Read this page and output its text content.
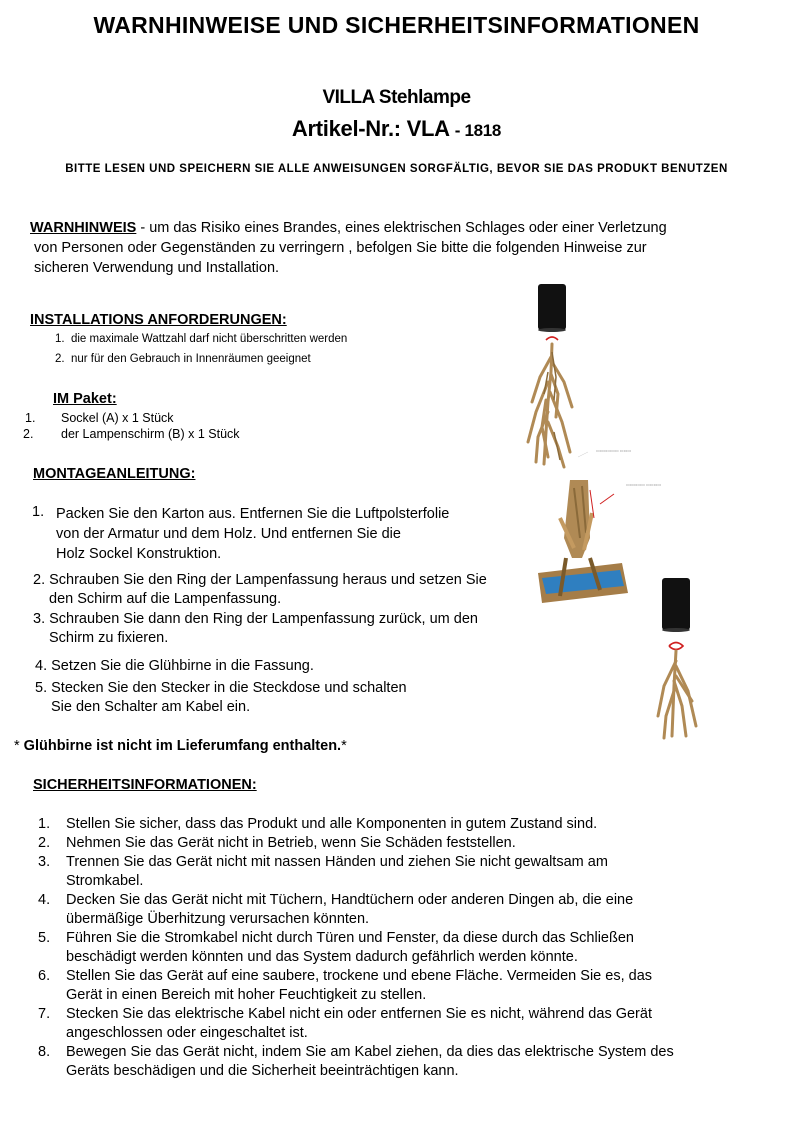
WARNHINWEISE UND SICHERHEITSINFORMATIONEN
VILLA Stehlampe
Artikel-Nr.: VLA - 1818
BITTE LESEN UND SPEICHERN SIE ALLE ANWEISUNGEN SORGFÄLTIG, BEVOR SIE DAS PRODUKT BENUTZEN
WARNHINWEIS - um das Risiko eines Brandes, eines elektrischen Schlages oder einer Verletzung
von Personen oder Gegenständen zu verringern , befolgen Sie bitte die folgenden Hinweise zur
sicheren Verwendung und Installation.
INSTALLATIONS ANFORDERUNGEN:
1. die maximale Wattzahl darf nicht überschritten werden
2. nur für den Gebrauch in Innenräumen geeignet
IM Paket:
1. Sockel (A) x 1 Stück
2. der Lampenschirm (B) x 1 Stück
MONTAGEANLEITUNG:
1. Packen Sie den Karton aus. Entfernen Sie die Luftpolsterfolie
von der Armatur und dem Holz. Und entfernen Sie die
Holz Sockel Konstruktion.
2. Schrauben Sie den Ring der Lampenfassung heraus und setzen Sie
den Schirm auf die Lampenfassung.
3. Schrauben Sie dann den Ring der Lampenfassung zurück, um den
Schirm zu fixieren.
4. Setzen Sie die Glühbirne in die Fassung.
5. Stecken Sie den Stecker in die Steckdose und schalten
Sie den Schalter am Kabel ein.
* Glühbirne ist nicht im Lieferumfang enthalten.*
SICHERHEITSINFORMATIONEN:
1. Stellen Sie sicher, dass das Produkt und alle Komponenten in gutem Zustand sind.
2. Nehmen Sie das Gerät nicht in Betrieb, wenn Sie Schäden feststellen.
3. Trennen Sie das Gerät nicht mit nassen Händen und ziehen Sie nicht gewaltsam am
Stromkabel.
4. Decken Sie das Gerät nicht mit Tüchern, Handtüchern oder anderen Dingen ab, die eine
übermäßige Überhitzung verursachen könnten.
5. Führen Sie die Stromkabel nicht durch Türen und Fenster, da diese durch das Schließen
beschädigt werden könnten und das System dadurch gefährlich werden könnte.
6. Stellen Sie das Gerät auf eine saubere, trockene und ebene Fläche. Vermeiden Sie es, das
Gerät in einen Bereich mit hoher Feuchtigkeit zu stellen.
7. Stecken Sie das elektrische Kabel nicht ein oder entfernen Sie es nicht, während das Gerät
angeschlossen oder eingeschaltet ist.
8. Bewegen Sie das Gerät nicht, indem Sie am Kabel ziehen, da dies das elektrische System des
Geräts beschädigen und die Sicherheit beeinträchtigen kann.
▭▭▭▭▭▭ ▭▭▭
▭▭▭▭▭ ▭▭▭▭
